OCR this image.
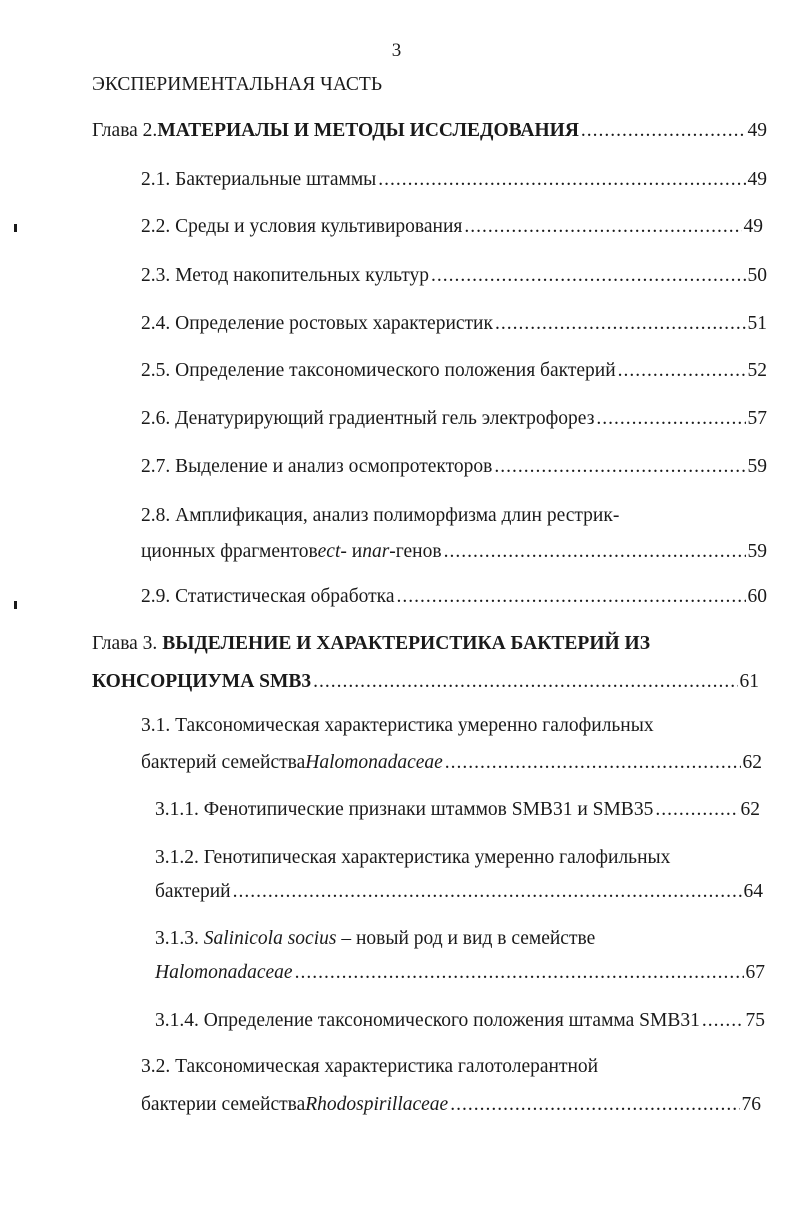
3
ЭКСПЕРИМЕНТАЛЬНАЯ ЧАСТЬ
Глава 2. МАТЕРИАЛЫ И МЕТОДЫ ИССЛЕДОВАНИЯ .....	49
2.1.
Бактериальные штаммы .....	49
2.2.
Среды и условия культивирования .....	49
2.3.
Метод накопительных культур .....	50
2.4.
Определение ростовых характеристик .....	51
2.5.
Определение таксономического положения бактерий .....	52
2.6.
Денатурирующий градиентный гель электрофорез .....	57
2.7.
Выделение и анализ осмопротекторов .....	59
2.8. Амплификация, анализ полиморфизма длин рестрик-
ционных фрагментов ect - и nar -генов .....	59
2.9.
Статистическая обработка .....	60
Глава 3. ВЫДЕЛЕНИЕ И ХАРАКТЕРИСТИКА БАКТЕРИЙ ИЗ
КОНСОРЦИУМА SMB3 .....	61
3.1. Таксономическая характеристика умеренно галофильных
бактерий семейства Halomonadaceae .....	62
3.1.1. Фенотипические признаки штаммов SMB31 и SMB35 .....	62
3.1.2. Генотипическая характеристика умеренно галофильных
бактерий .....	64
3.1.3. Salinicola socius – новый род и вид в семействе
Halomonadaceae .....	67
3.1.4. Определение таксономического положения штамма SMB31 ..... 75
3.2. Таксономическая характеристика галотолерантной
бактерии семейства Rhodospirillaceae .....	76
